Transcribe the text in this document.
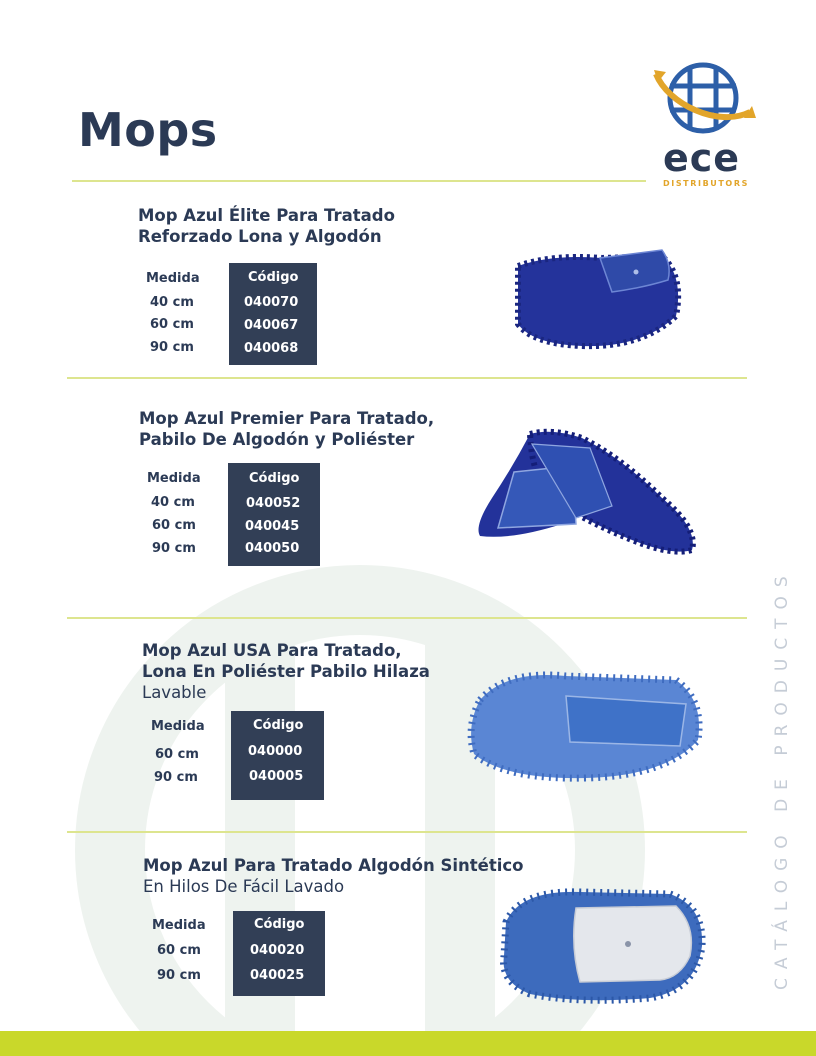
Mops
ece
DISTRIBUTORS
CATÁLOGO DE PRODUCTOS
Mop Azul Élite Para Tratado
Reforzado Lona y Algodón
Medida	Código
40 cm	040070
60 cm	040067
90 cm	040068
Mop Azul Premier Para Tratado,
Pabilo De Algodón y Poliéster
Medida	Código
40 cm	040052
60 cm	040045
90 cm	040050
Mop Azul USA Para Tratado,
Lona En Poliéster Pabilo Hilaza
Lavable
Medida	Código
60 cm	040000
90 cm	040005
Mop Azul Para Tratado Algodón Sintético
En Hilos De Fácil Lavado
Medida	Código
60 cm	040020
90 cm	040025
